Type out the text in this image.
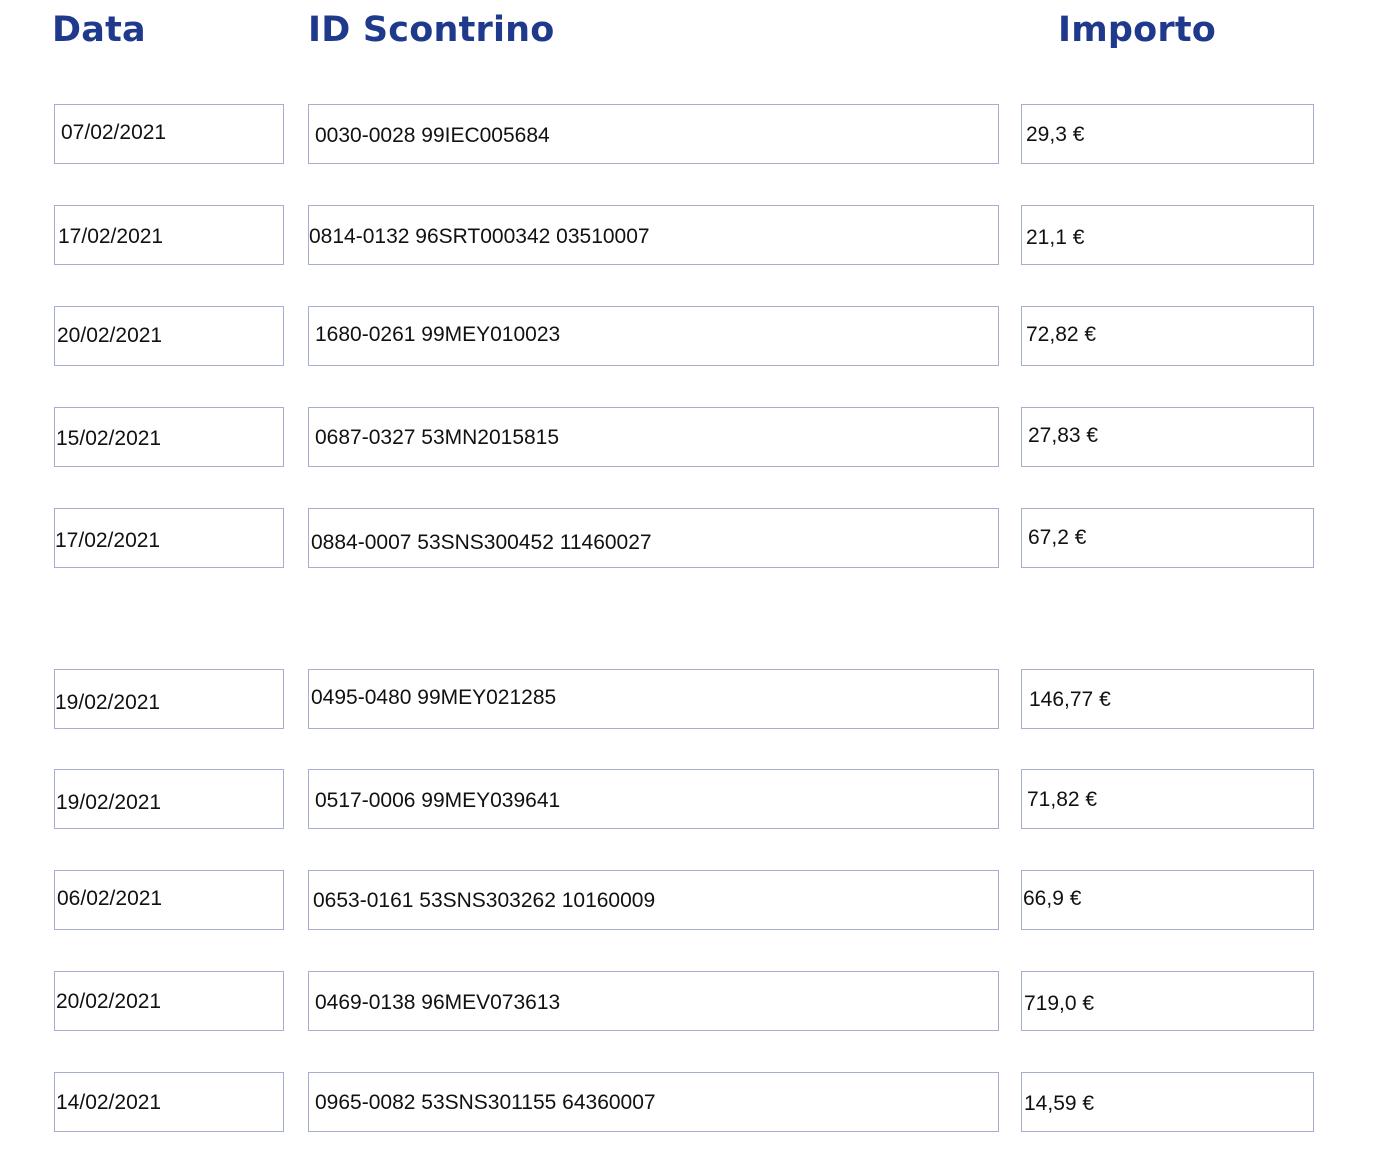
Data	ID Scontrino	Importo
07/02/2021	0030-0028 99IEC005684	29,3 €
17/02/2021	0814-0132 96SRT000342 03510007	21,1 €
20/02/2021	1680-0261 99MEY010023	72,82 €
15/02/2021	0687-0327 53MN2015815	27,83 €
17/02/2021	0884-0007 53SNS300452 11460027	67,2 €
19/02/2021	0495-0480 99MEY021285	146,77 €
19/02/2021	0517-0006 99MEY039641	71,82 €
06/02/2021	0653-0161 53SNS303262 10160009	66,9 €
20/02/2021	0469-0138 96MEV073613	719,0 €
14/02/2021	0965-0082 53SNS301155 64360007	14,59 €
